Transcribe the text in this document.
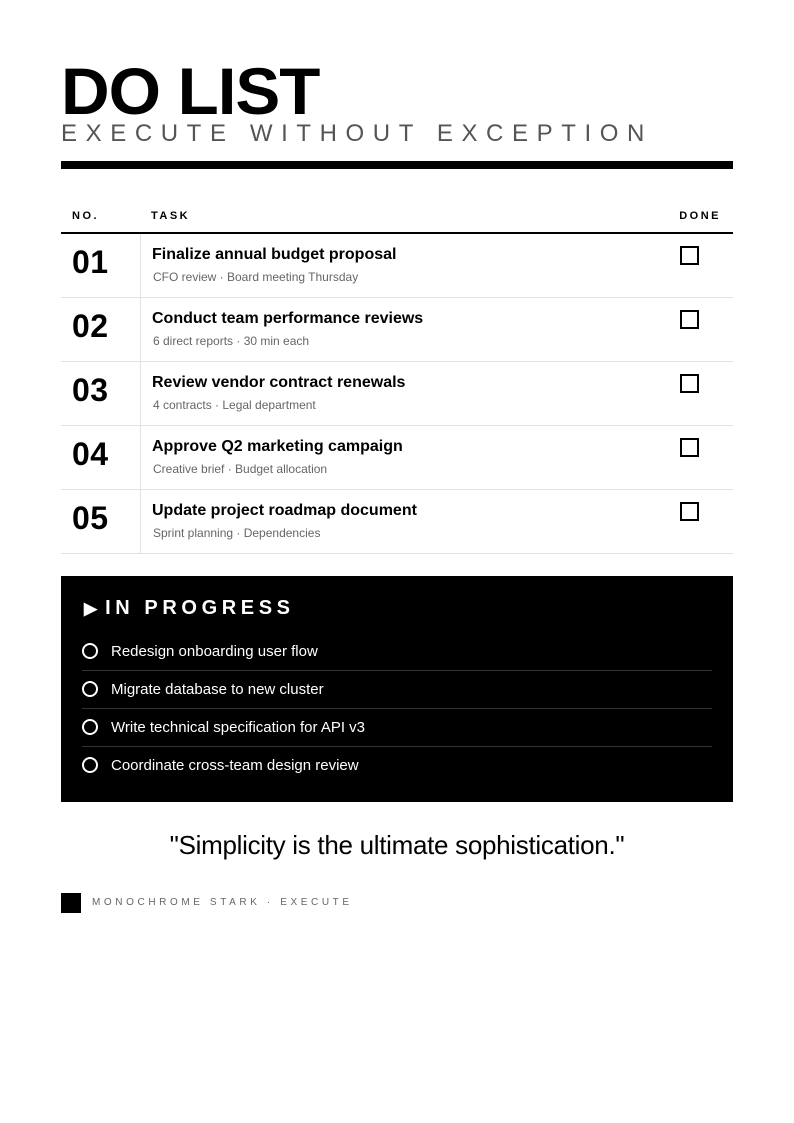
DO LIST
EXECUTE WITHOUT EXCEPTION
NO.	TASK	DONE
01	Finalize annual budget proposal
CFO review · Board meeting Thursday
02	Conduct team performance reviews
6 direct reports · 30 min each
03	Review vendor contract renewals
4 contracts · Legal department
04	Approve Q2 marketing campaign
Creative brief · Budget allocation
05	Update project roadmap document
Sprint planning · Dependencies
▶ IN PROGRESS
Redesign onboarding user flow
Migrate database to new cluster
Write technical specification for API v3
Coordinate cross-team design review
"Simplicity is the ultimate sophistication."
MONOCHROME STARK · EXECUTE
